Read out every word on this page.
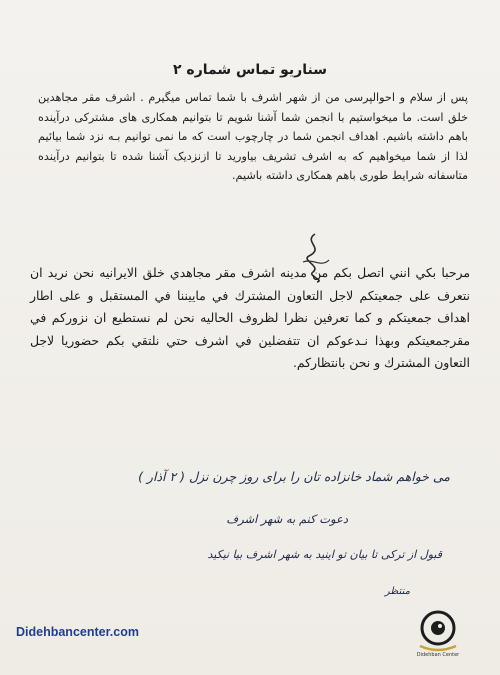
سناریو تماس شماره ۲

پس از سلام و احوالپرسی من از شهر اشرف با شما تماس میگیرم . اشرف مقر مجاهدین خلق است. ما میخواستیم با انجمن شما آشنا شویم تا بتوانیم همکاری های مشترکی درآینده باهم داشته باشیم. اهداف انجمن شما در چارچوب است که ما نمی توانیم بـه نزد شما بیائیم لذا از شما میخواهیم که به اشرف تشریف بیاورید تا ازنزدیک آشنا شده تا بتوانیم درآینده متاسفانه شرایط طوری باهم همکاری داشته باشیم.

مرحبا بكي انني اتصل بكم من مدينه اشرف مقر مجاهدي خلق الايرانيه نحن نريد ان نتعرف على جمعيتكم لاجل التعاون المشترك في ماييننا في المستقبل و على اطار اهداف جمعيتكم و كما تعرفين نظرا لظروف الحاليه نحن لم نستطيع ان نزوركم في مقرجمعيتكم وبهذا نـدعوكم ان تتفضلين في اشرف حتي نلتقي بكم حضوريا لاجل التعاون المشترك و نحن بانتظاركم.

می خواهم شماد خانزاده تان را برای روز چرن نزل ( ۲ آذار )
دعوت کنم به شهر اشرف
قبول از ترکی تا بیان تو اینید به شهر اشرف بیا نیکید
منتظر
Didehbancenter.com
Didehban Center
